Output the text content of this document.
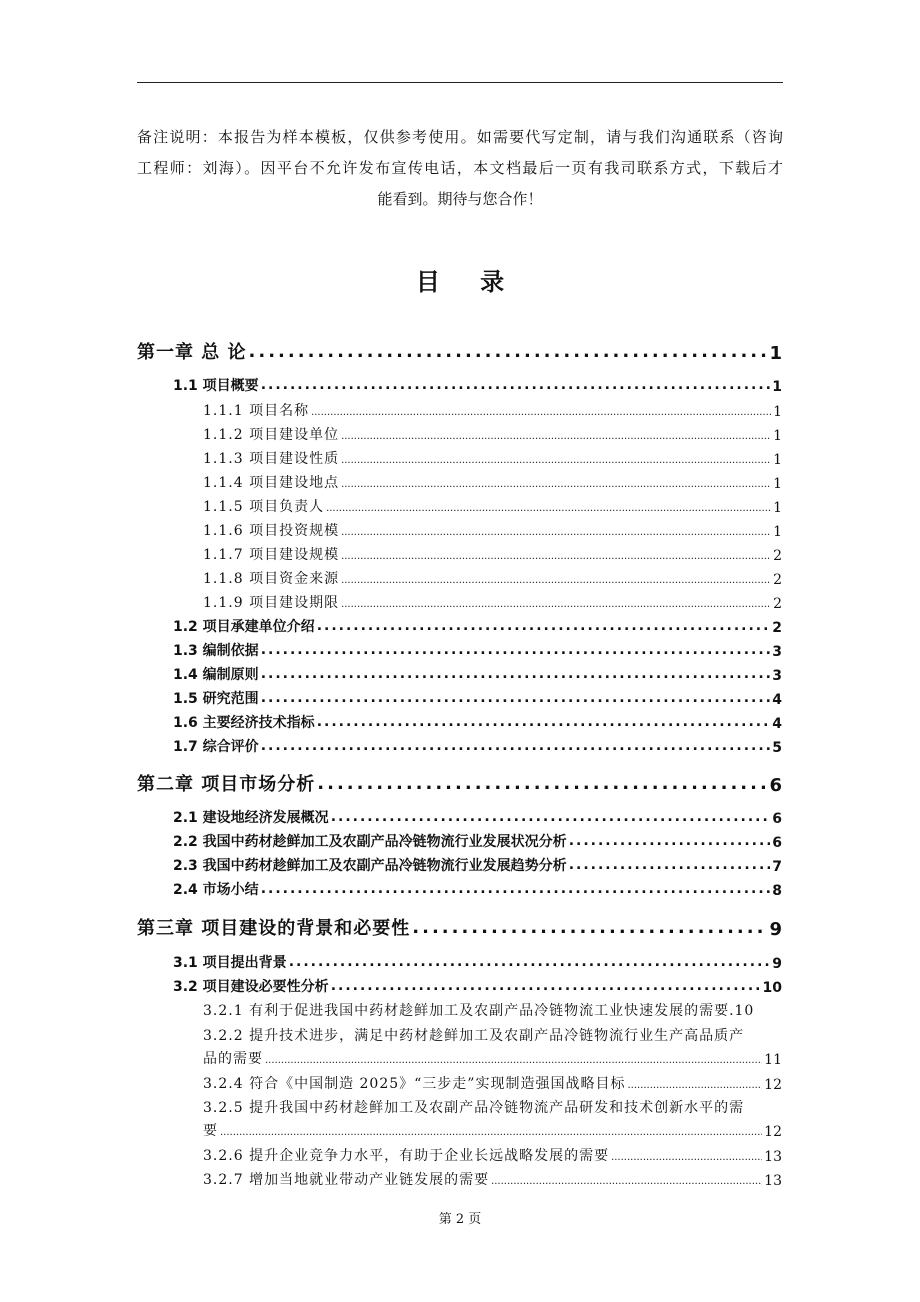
备注说明：本报告为样本模板，仅供参考使用。如需要代写定制，请与我们沟通联系（咨询

工程师：刘海）。因平台不允许发布宣传电话，本文档最后一页有我司联系方式，下载后才

能看到。期待与您合作！

目 录
第一章 总 论 .....	1
1.1 项目概要 .....	1
1.1.1 项目名称 .....	1
1.1.2 项目建设单位 .....	1
1.1.3 项目建设性质 .....	1
1.1.4 项目建设地点 .....	1
1.1.5 项目负责人 .....	1
1.1.6 项目投资规模 .....	1
1.1.7 项目建设规模 .....	2
1.1.8 项目资金来源 .....	2
1.1.9 项目建设期限 .....	2
1.2 项目承建单位介绍 .....	2
1.3 编制依据 .....	3
1.4 编制原则 .....	3
1.5 研究范围 .....	4
1.6 主要经济技术指标 .....	4
1.7 综合评价 .....	5
第二章 项目市场分析 .....	6
2.1 建设地经济发展概况 .....	6
2.2 我国中药材趁鲜加工及农副产品冷链物流行业发展状况分析 .....	6
2.3 我国中药材趁鲜加工及农副产品冷链物流行业发展趋势分析 .....	7
2.4 市场小结 .....	8
第三章 项目建设的背景和必要性 .....	9
3.1 项目提出背景 .....	9
3.2 项目建设必要性分析 .....	10
3.2.1 有利于促进我国中药材趁鲜加工及农副产品冷链物流工业快速发展的需要.10
3.2.2 提升技术进步，满足中药材趁鲜加工及农副产品冷链物流行业生产高品质产
品的需要 .....	11
3.2.4 符合《中国制造 2025》“三步走”实现制造强国战略目标 .....	12
3.2.5 提升我国中药材趁鲜加工及农副产品冷链物流产品研发和技术创新水平的需
要 .....	12
3.2.6 提升企业竞争力水平，有助于企业长远战略发展的需要 .....	13
3.2.7 增加当地就业带动产业链发展的需要 .....	13
第 2 页
